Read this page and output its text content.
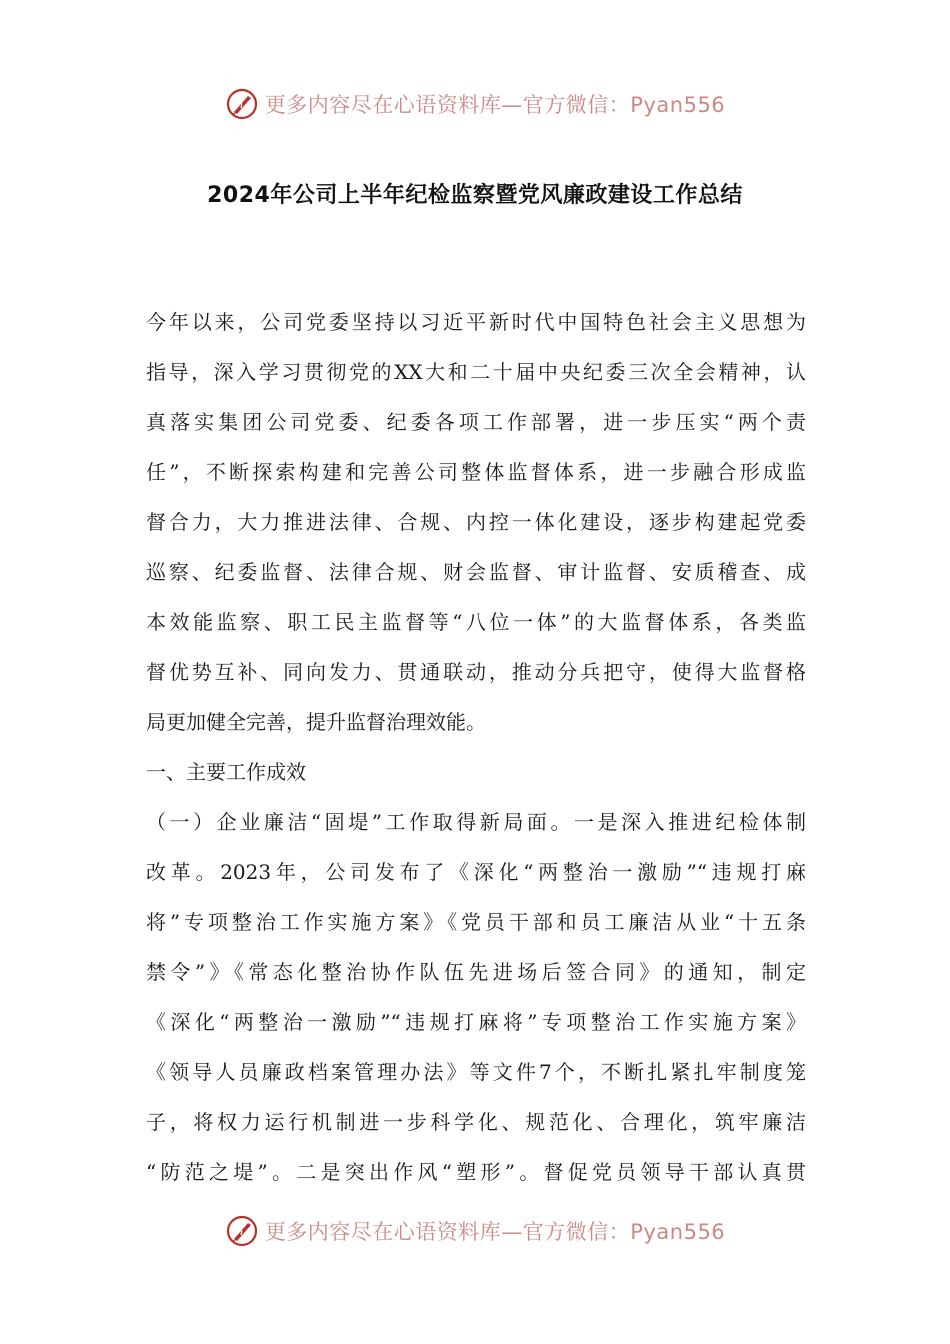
更多内容尽在心语资料库—官方微信：Pyan556
2024年公司上半年纪检监察暨党风廉政建设工作总结
今年以来，公司党委坚持以习近平新时代中国特色社会主义思想为
指导，深入学习贯彻党的XX大和二十届中央纪委三次全会精神，认
真落实集团公司党委、纪委各项工作部署，进一步压实“两个责
任”，不断探索构建和完善公司整体监督体系，进一步融合形成监
督合力，大力推进法律、合规、内控一体化建设，逐步构建起党委
巡察、纪委监督、法律合规、财会监督、审计监督、安质稽查、成
本效能监察、职工民主监督等“八位一体”的大监督体系，各类监
督优势互补、同向发力、贯通联动，推动分兵把守，使得大监督格
局更加健全完善，提升监督治理效能。
一、主要工作成效
（一）企业廉洁“固堤”工作取得新局面。一是深入推进纪检体制
改革。2023年，公司发布了《深化“两整治一激励”“违规打麻
将”专项整治工作实施方案》《党员干部和员工廉洁从业“十五条
禁令”》《常态化整治协作队伍先进场后签合同》的通知，制定
《深化“两整治一激励”“违规打麻将”专项整治工作实施方案》
《领导人员廉政档案管理办法》等文件7个，不断扎紧扎牢制度笼
子，将权力运行机制进一步科学化、规范化、合理化，筑牢廉洁
“防范之堤”。二是突出作风“塑形”。督促党员领导干部认真贯
更多内容尽在心语资料库—官方微信：Pyan556
